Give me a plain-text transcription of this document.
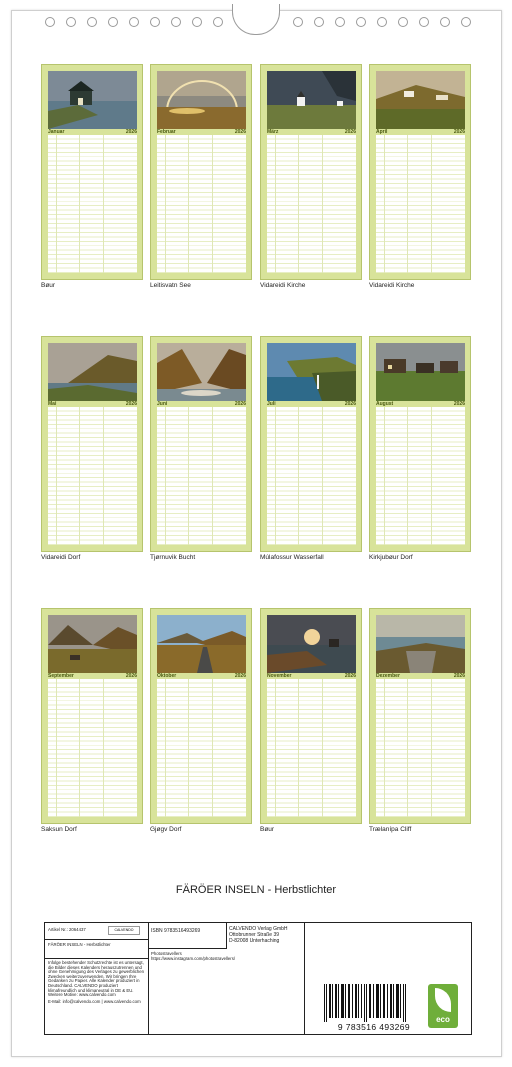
Januar	2026
Bøur
Februar	2026
Leitisvatn See
März	2026
Vidareidi Kirche
April	2026
Vidareidi Kirche
Mai	2026
Vidareidi Dorf
Juni	2026
Tjørnuvik Bucht
Juli	2026
Múlafossur Wasserfall
August	2026
Kirkjubøur Dorf
September	2026
Saksun Dorf
Oktober	2026
Gjøgv Dorf
November	2026
Bøur
Dezember	2026
Trælanípa Cliff
FÄRÖER INSELN - Herbstlichter
Artikel Nr.: 2064437
FÄRÖER INSELN - Herbstlichter
Infolge bestehender Schutzrechte ist es untersagt, die Bilder dieses Kalenders herauszutrennen und ohne Genehmigung des Verlages zu gewerblichen Zwecken weiterzuverwenden. Wir bringen Ihre Gedanken zu Papier. Alle Kalender produziert in Deutschland. CALVENDO produziert klimafreundlich und klimaneutral in DE & EU. Weitere Motive: www.calvendo.com
E-Mail: info@calvendo.com | www.calvendo.com
ISBN 9783516493269	CALVENDO Verlag GmbH
Ottobrunner Straße 39
D-82008 Unterhaching
Photostravellers
https://www.instagram.com/photostravellers/
CALVENDO
9 783516 493269
eco
